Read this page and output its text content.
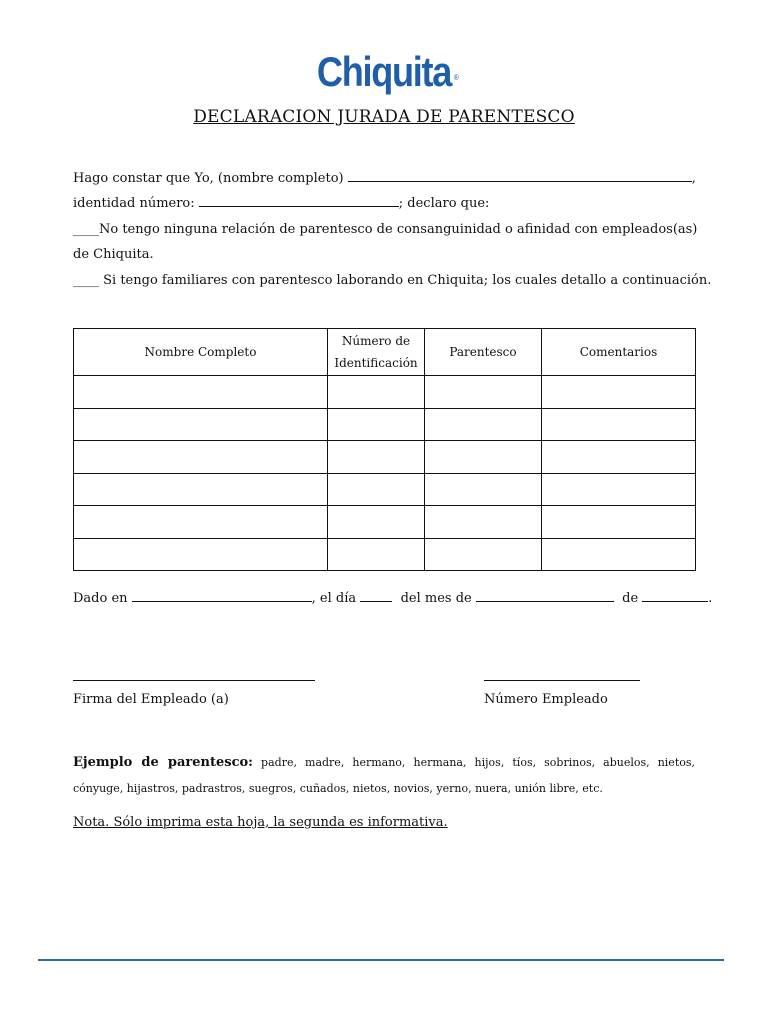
Chiquita ®
DECLARACION JURADA DE PARENTESCO
Hago constar que Yo, (nombre completo)	,
identidad número:	; declaro que:
____ No tengo ninguna relación de parentesco de consanguinidad o afinidad con empleados(as)
de Chiquita.
____ Si tengo familiares con parentesco laborando en Chiquita; los cuales detallo a continuación.
Nombre Completo	Número de Identificación	Parentesco	Comentarios

Dado en	, el día	del mes de	de	.
Firma del Empleado (a)	Número Empleado
Ejemplo de parentesco: padre, madre, hermano, hermana, hijos, tíos, sobrinos, abuelos, nietos, cónyuge, hijastros, padrastros, suegros, cuñados, nietos, novios, yerno, nuera, unión libre, etc.
Nota. Sólo imprima esta hoja, la segunda es informativa.
